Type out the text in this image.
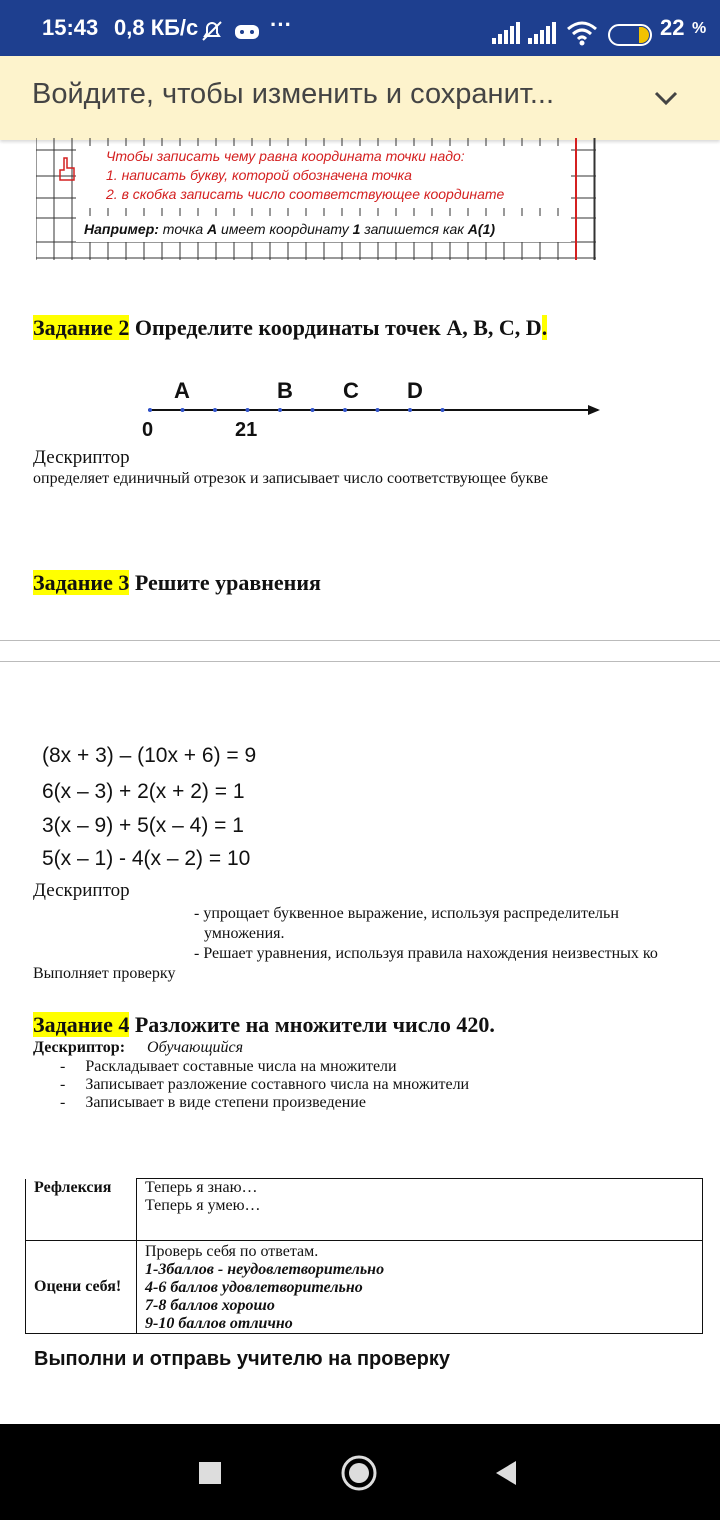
15:43 0,8 КБ/с	···	22 %
Войдите, чтобы изменить и сохранит...
Чтобы записать чему равна координата точки надо:
1. написать букву, которой обозначена точка
2. в скобка записать число соответствующее координате
Например: точка А имеет координату 1 запишется как А(1)
Задание 2 Определите координаты точек A, B, C, D.
A	B C D
0	21
Дескриптор
определяет единичный отрезок и записывает число соответствующее букве
Задание 3 Решите уравнения
(8x + 3) – (10x + 6) = 9
6(x – 3) + 2(x + 2) = 1
3(x – 9) + 5(x – 4) = 1
5(x – 1) - 4(x – 2) = 10
Дескриптор
- упрощает буквенное выражение, используя распределительн
умножения.
- Решает уравнения, используя правила нахождения неизвестных ко
Выполняет проверку
Задание 4 Разложите на множители число 420.
Дескриптор: Обучающийся
-     Раскладывает составные числа на множители
-     Записывает разложение составного числа на множители
-     Записывает в виде степени произведение
Рефлексия	Теперь я знаю…
Теперь я умею…

Оцени себя!	Проверь себя по ответам.
1-3баллов - неудовлетворительно
4-6 баллов удовлетворительно
7-8 баллов хорошо
9-10 баллов отлично
Выполни и отправь учителю на проверку
